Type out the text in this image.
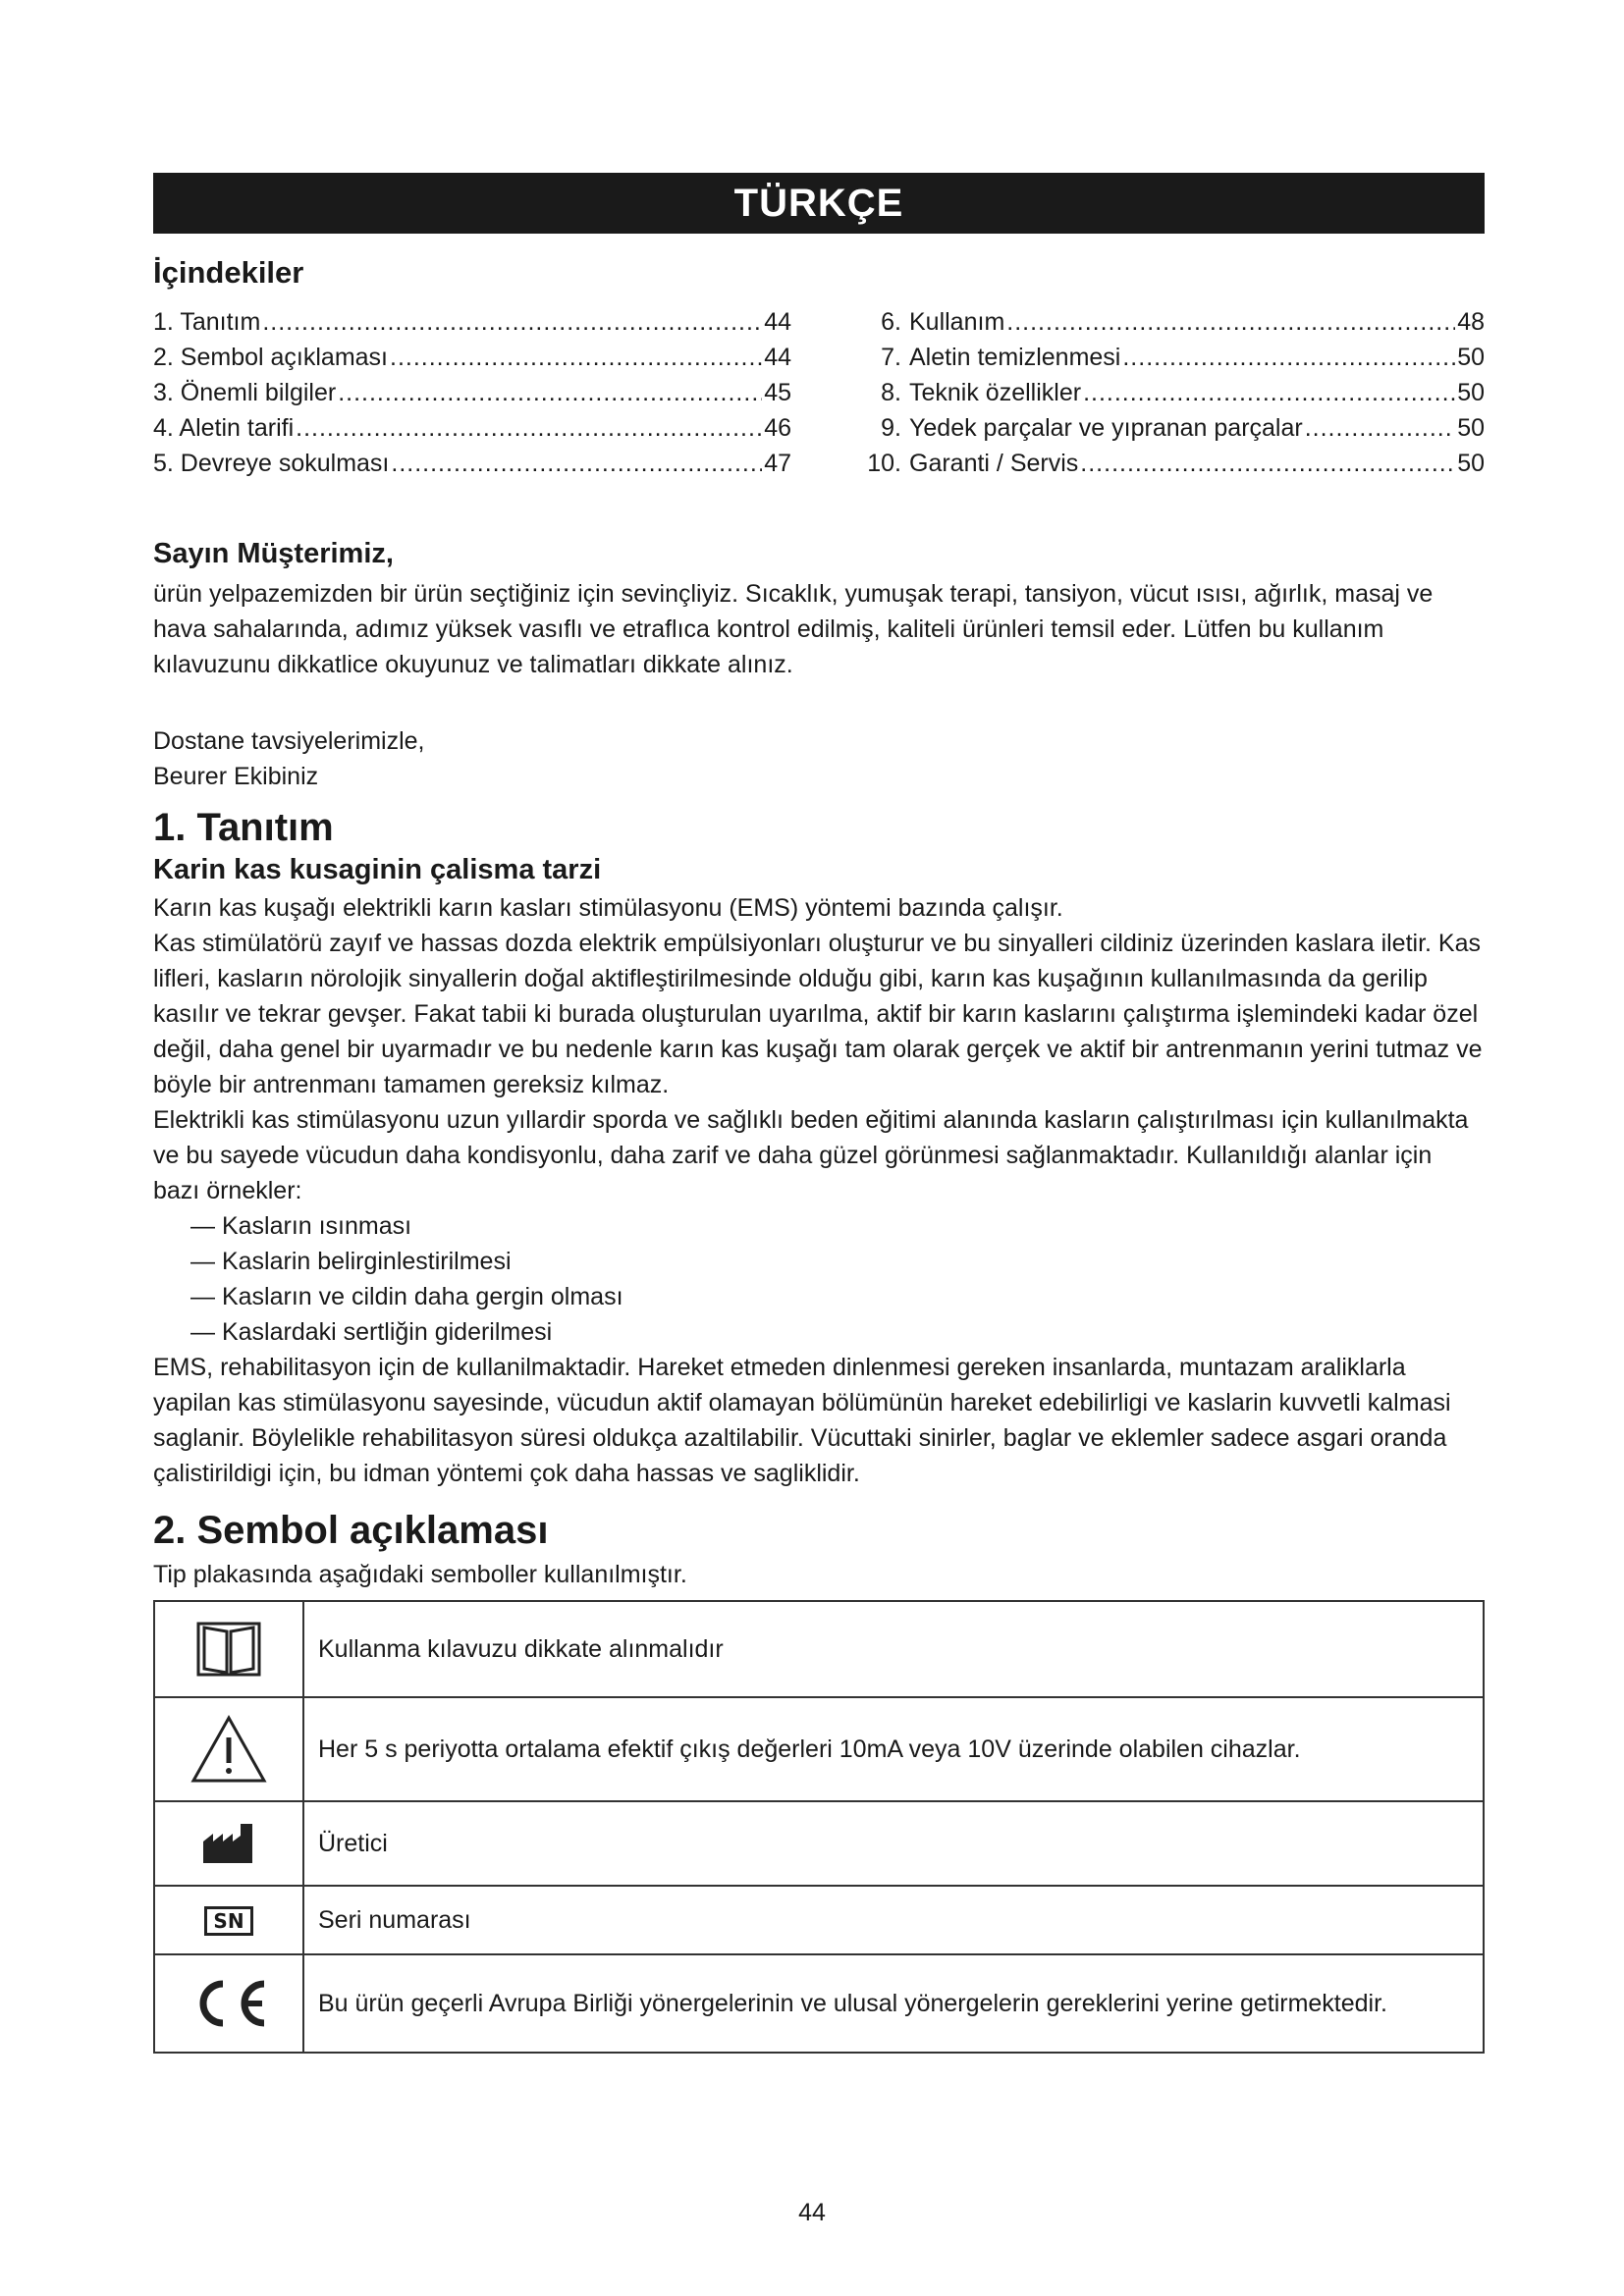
TÜRKÇE
İçindekiler
1. Tanıtım .....	44
2. Sembol açıklaması .....	44
3. Önemli bilgiler .....	45
4. Aletin tarifi .....	46
5. Devreye sokulması .....	47
6. Kullanım .....	48
7. Aletin temizlenmesi .....	50
8. Teknik özellikler .....	50
9. Yedek parçalar ve yıpranan parçalar .....	50
10. Garanti / Servis .....	50
Sayın Müşterimiz,

ürün yelpazemizden bir ürün seçtiğiniz için sevinçliyiz. Sıcaklık, yumuşak terapi, tansiyon, vücut ısısı, ağırlık, masaj ve hava sahalarında, adımız yüksek vasıflı ve etraflıca kontrol edilmiş, kaliteli ürünleri temsil eder. Lütfen bu kullanım kılavuzunu dikkatlice okuyunuz ve talimatları dikkate alınız.

Dostane tavsiyelerimizle,

Beurer Ekibiniz

1. Tanıtım
Karin kas kusaginin çalisma tarzi

Karın kas kuşağı elektrikli karın kasları stimülasyonu (EMS) yöntemi bazında çalışır.

Kas stimülatörü zayıf ve hassas dozda elektrik empülsiyonları oluşturur ve bu sinyalleri cildiniz üzerinden kaslara iletir. Kas lifleri, kasların nörolojik sinyallerin doğal aktifleştirilmesinde olduğu gibi, karın kas kuşağının kullanılmasında da gerilip kasılır ve tekrar gevşer. Fakat tabii ki burada oluşturulan uyarılma, aktif bir karın kaslarını çalıştırma işlemindeki kadar özel değil, daha genel bir uyarmadır ve bu nedenle karın kas kuşağı tam olarak gerçek ve aktif bir antrenmanın yerini tutmaz ve böyle bir antrenmanı tamamen gereksiz kılmaz.

Elektrikli kas stimülasyonu uzun yıllardir sporda ve sağlıklı beden eğitimi alanında kasların çalıştırılması için kullanılmakta ve bu sayede vücudun daha kondisyonlu, daha zarif ve daha güzel görünmesi sağlanmaktadır. Kullanıldığı alanlar için bazı örnekler:

— Kasların ısınması
— Kaslarin belirginlestirilmesi
— Kasların ve cildin daha gergin olması
— Kaslardaki sertliğin giderilmesi

EMS, rehabilitasyon için de kullanilmaktadir. Hareket etmeden dinlenmesi gereken insanlarda, muntazam araliklarla yapilan kas stimülasyonu sayesinde, vücudun aktif olamayan bölümünün hareket edebilirligi ve kaslarin kuvvetli kalmasi saglanir. Böylelikle rehabilitasyon süresi oldukça azaltilabilir. Vücuttaki sinirler, baglar ve eklemler sadece asgari oranda çalistirildigi için, bu idman yöntemi çok daha hassas ve sagliklidir.

2. Sembol açıklaması

Tip plakasında aşağıdaki semboller kullanılmıştır.

	Kullanma kılavuzu dikkate alınmalıdır
	Her 5 s periyotta ortalama efektif çıkış değerleri 10mA veya 10V üzerinde olabilen cihazlar.
	Üretici
SN	Seri numarası
	Bu ürün geçerli Avrupa Birliği yönergelerinin ve ulusal yönergelerin gereklerini yerine getirmektedir.
44
